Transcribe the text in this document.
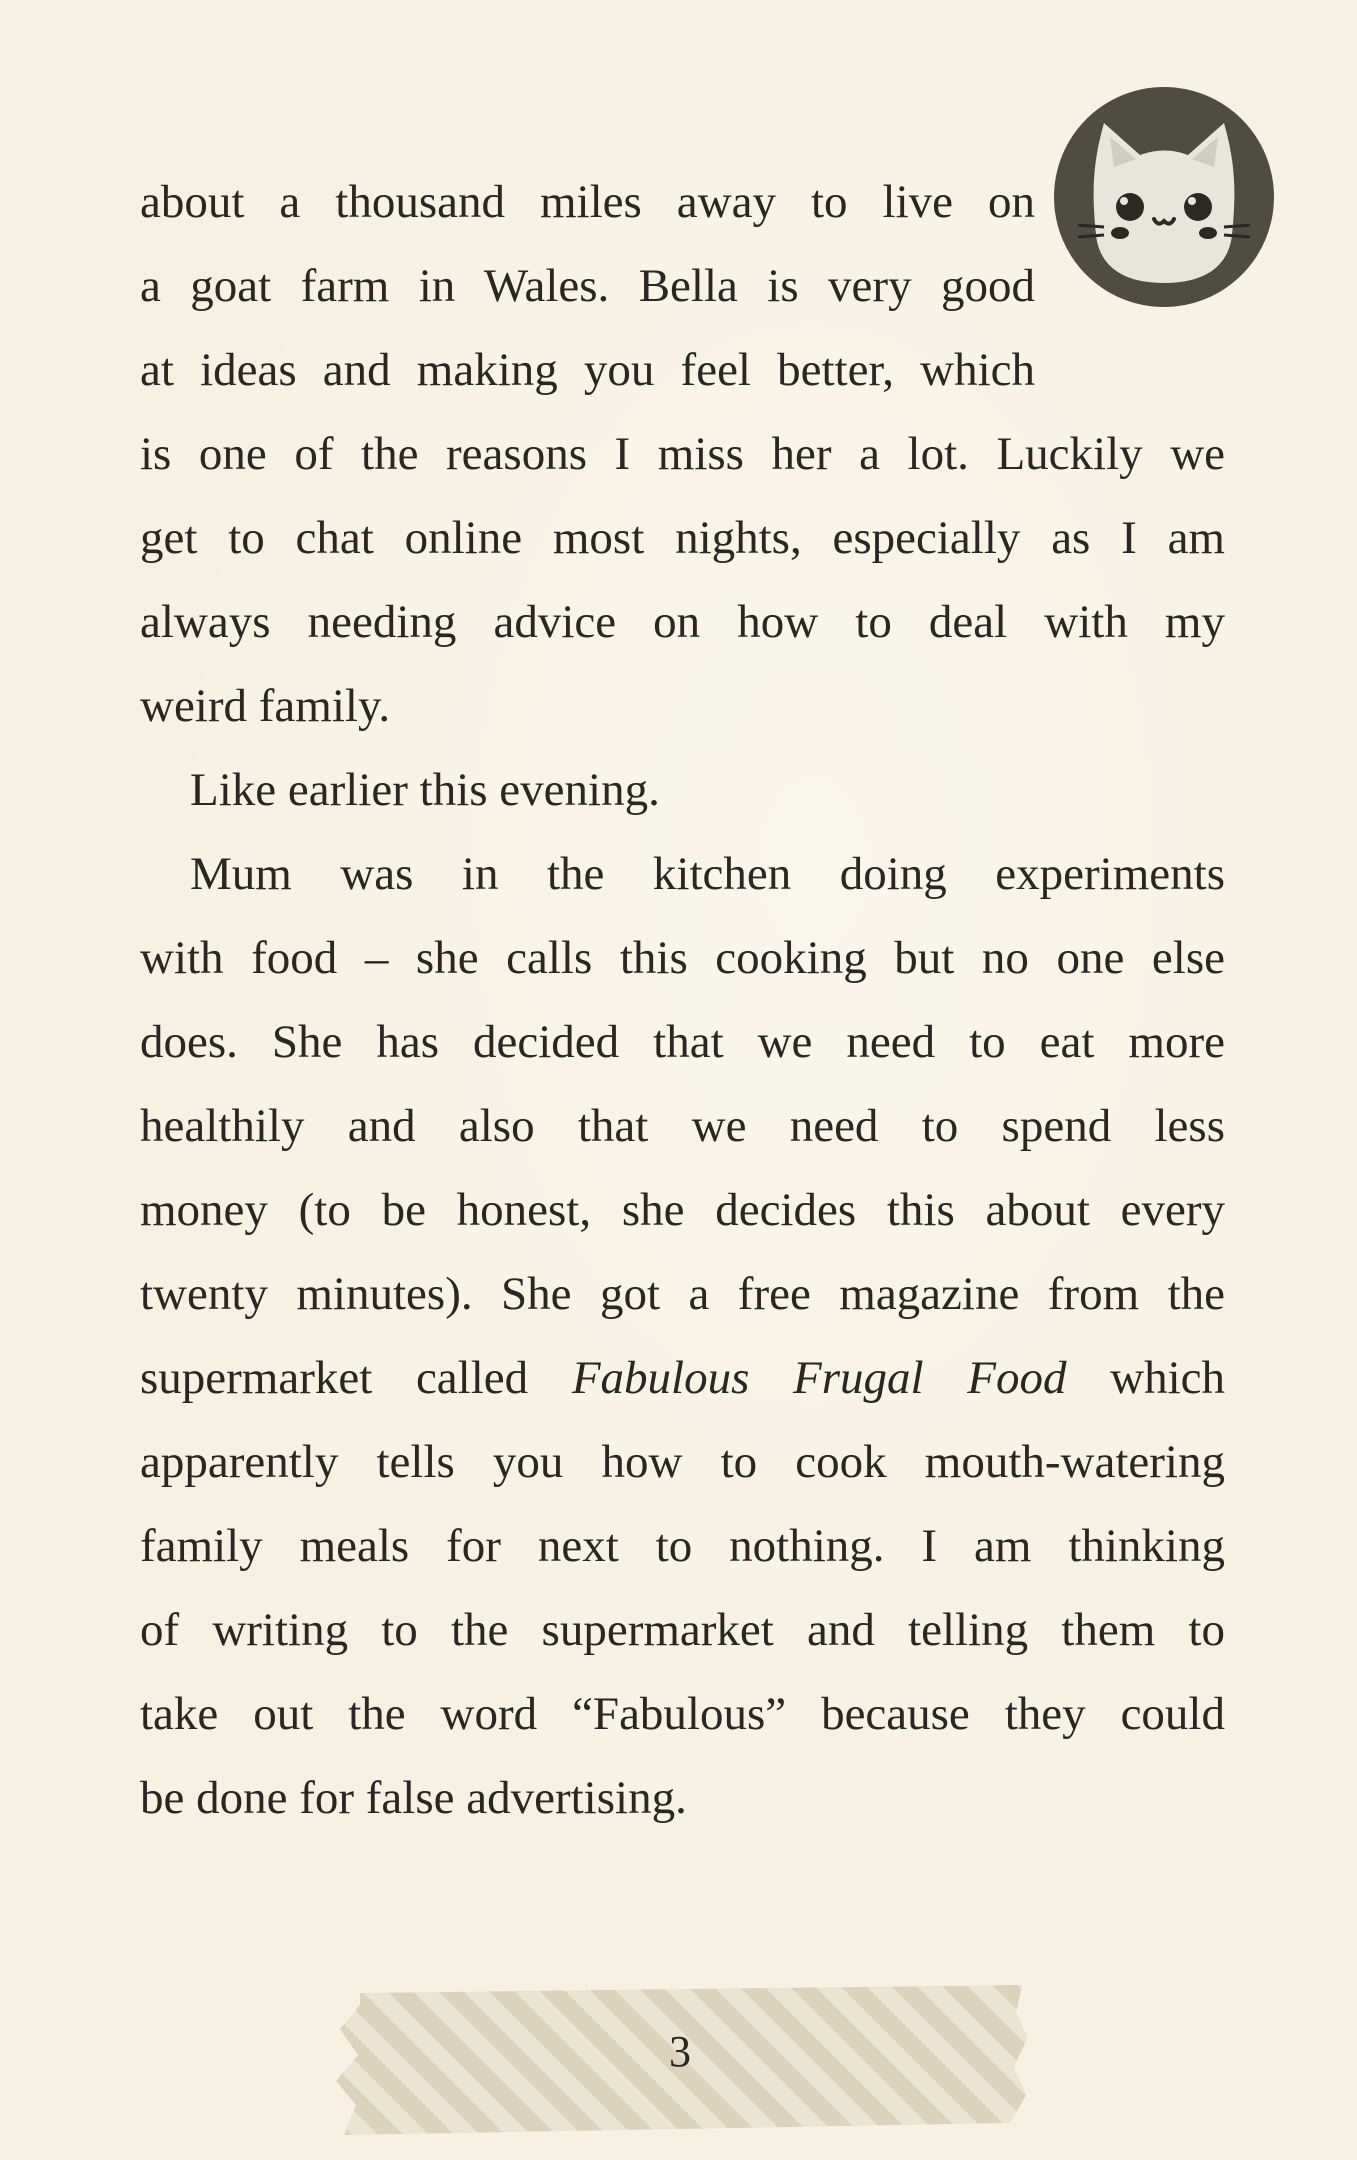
about a thousand miles away to live on
a goat farm in Wales. Bella is very good
at ideas and making you feel better, which
is one of the reasons I miss her a lot. Luckily we
get to chat online most nights, especially as I am
always needing advice on how to deal with my
weird family.
Like earlier this evening.
Mum was in the kitchen doing experiments
with food – she calls this cooking but no one else
does. She has decided that we need to eat more
healthily and also that we need to spend less
money (to be honest, she decides this about every
twenty minutes). She got a free magazine from the
supermarket called Fabulous Frugal Food which
apparently tells you how to cook mouth-watering
family meals for next to nothing. I am thinking
of writing to the supermarket and telling them to
take out the word “Fabulous” because they could
be done for false advertising.
3
